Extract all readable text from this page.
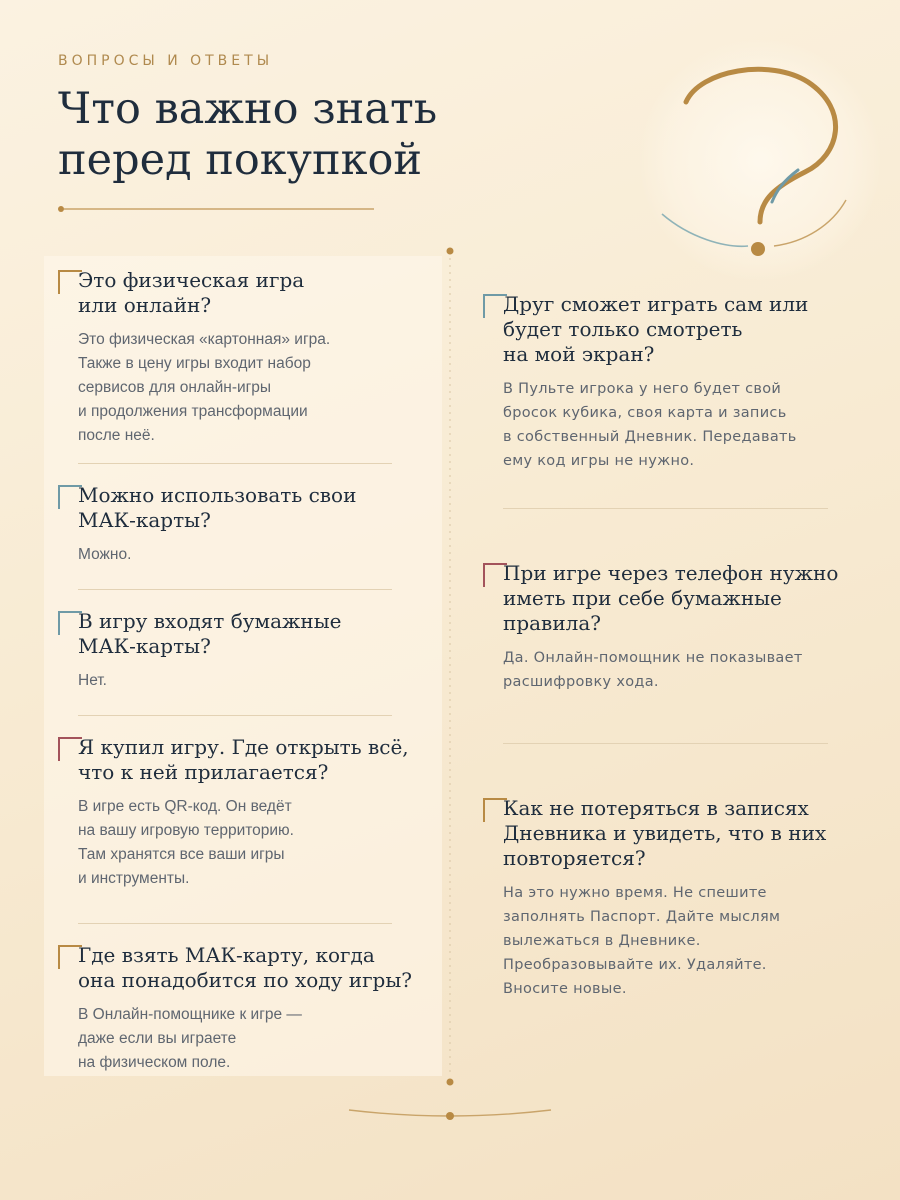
ВОПРОСЫ И ОТВЕТЫ
Что важно знать
перед покупкой
Это физическая игра
или онлайн?

Это физическая «картонная» игра.
Также в цену игры входит набор
сервисов для онлайн-игры
и продолжения трансформации
после неё.

Можно использовать свои
МАК-карты?

Можно.

В игру входят бумажные
МАК-карты?

Нет.

Я купил игру. Где открыть всё,
что к ней прилагается?

В игре есть QR-код. Он ведёт
на вашу игровую территорию.
Там хранятся все ваши игры
и инструменты.

Где взять МАК-карту, когда
она понадобится по ходу игры?

В Онлайн-помощнике к игре —
даже если вы играете
на физическом поле.

Друг сможет играть сам или
будет только смотреть
на мой экран?

В Пульте игрока у него будет свой
бросок кубика, своя карта и запись
в собственный Дневник. Передавать
ему код игры не нужно.

При игре через телефон нужно
иметь при себе бумажные
правила?

Да. Онлайн-помощник не показывает
расшифровку хода.

Как не потеряться в записях
Дневника и увидеть, что в них
повторяется?

На это нужно время. Не спешите
заполнять Паспорт. Дайте мыслям
вылежаться в Дневнике.
Преобразовывайте их. Удаляйте.
Вносите новые.
